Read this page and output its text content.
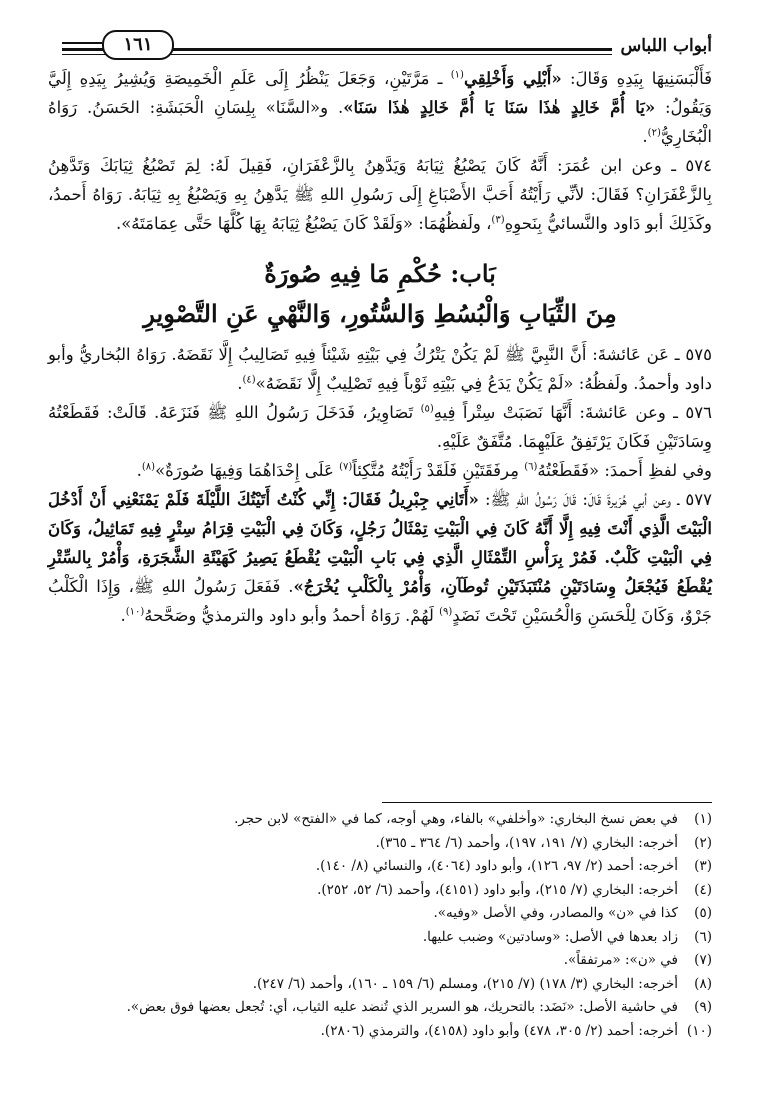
أبواب اللباس
١٦١

فَأَلْبَسَنِيهَا بِيَدِهِ وَقَالَ: «أَبْلِي وَأَخْلِقِي$^{(١)}$ ـ مَرَّتَيْنِ، وَجَعَلَ يَنْظُرُ إِلَى عَلَمِ الْخَمِيصَةِ وَيُشِيرُ بِيَدِهِ إِلَيَّ وَيَقُولُ: «يَا أُمَّ خَالِدٍ هٰذَا سَنَا يَا أُمَّ خَالِدٍ هٰذَا سَنَا». و«السَّنَا» بِلِسَانِ الْحَبَشَةِ: الحَسَنُ. رَوَاهُ الْبُخَارِيُّ$^{(٢)}$.

٥٧٤ ـ وعن ابن عُمَرَ: أَنَّهُ كَانَ يَصْبُغُ ثِيَابَهُ وَيَدَّهِنُ بِالزَّعْفَرَانِ، فَقِيلَ لَهُ: لِمَ تَصْبُغُ ثِيَابَكَ وَتَدَّهِنُ بِالزَّعْفَرَانِ؟ فَقَالَ: لأنِّي رَأَيْتُهُ أَحَبَّ الأَصْبَاغِ إِلَى رَسُولِ اللهِ ﷺ يَدَّهِنُ بِهِ وَيَصْبُغُ بِهِ ثِيَابَهُ. رَوَاهُ أَحمدُ، وكَذَلِكَ أبو دَاود والنَّسائيُّ بِنَحوِهِ$^{(٣)}$، ولَفظُهُمَا: «وَلَقَدْ كَانَ يَصْبُغُ ثِيَابَهُ بِهَا كُلَّهَا حَتَّى عِمَامَتَهُ».

بَاب: حُكْمِ مَا فِيهِ صُورَةٌ
مِنَ الثِّيَابِ وَالْبُسُطِ وَالسُّتُورِ، وَالنَّهْيِ عَنِ التَّصْوِيرِ

٥٧٥ ـ عَن عَائشةَ: أَنَّ النَّبِيَّ ﷺ لَمْ يَكُنْ يَتْرُكُ فِي بَيْتِهِ شَيْئاً فِيهِ تَصَالِيبُ إِلَّا نَقَضَهُ. رَوَاهُ البُخاريُّ وأبو داود وأحمدُ. ولَفظُهُ: «لَمْ يَكُنْ يَدَعُ فِي بَيْتِهِ ثَوْباً فِيهِ تَصْلِيبٌ إِلَّا نَقَضَهُ»$^{(٤)}$.

٥٧٦ ـ وعن عَائشةَ: أَنَّهَا نَصَبَتْ سِتْراً فِيهِ$^{(٥)}$ تَصَاوِيرُ، فَدَخَلَ رَسُولُ اللهِ ﷺ فَنَزَعَهُ. قَالَتْ: فَقَطَعْتُهُ وِسَادَتَيْنِ فَكَانَ يَرْتَفِقُ عَلَيْهِمَا. مُتَّفَقٌ عَلَيْهِ.

وفي لفظِ أَحمدَ: «فَقَطَعْتُهُ$^{(٦)}$ مِرفَقَتَيْنِ فَلَقَدْ رَأَيْتُهُ مُتَّكِئاً$^{(٧)}$ عَلَى إِحْدَاهُمَا وَفِيهَا صُورَةٌ»$^{(٨)}$.

٥٧٧ ـ وعن أبي هُرَيرةَ قَالَ: قَالَ رَسُولُ اللهِ ﷺ: «أَتَانِي جِبْرِيلُ فَقَالَ: إِنِّي كُنْتُ أَتَيْتُكَ اللَّيْلَةَ فَلَمْ يَمْنَعْنِي أَنْ أَدْخُلَ الْبَيْتَ الَّذِي أَنْتَ فِيهِ إِلَّا أَنَّهُ كَانَ فِي الْبَيْتِ تِمْثَالُ رَجُلٍ، وَكَانَ فِي الْبَيْتِ قِرَامُ سِتْرٍ فِيهِ تَمَاثِيلُ، وَكَانَ فِي الْبَيْتِ كَلْبٌ. فَمُرْ بِرَأْسِ التِّمْثَالِ الَّذِي فِي بَابِ الْبَيْتِ يُقْطَعُ يَصِيرُ كَهَيْئَةِ الشَّجَرَةِ، وَأْمُرْ بِالسِّتْرِ يُقْطَعُ فَيُجْعَلُ وِسَادَتَيْنِ مُنْتَبَذَتَيْنِ تُوطَآنِ، وَأْمُرْ بِالْكَلْبِ يُخْرَجُ». فَفَعَلَ رَسُولُ اللهِ ﷺ، وَإِذَا الْكَلْبُ جَرْوٌ، وَكَانَ لِلْحَسَنِ وَالْحُسَيْنِ تَحْتَ نَضَدٍ$^{(٩)}$ لَهُمْ. رَوَاهُ أحمدُ وأبو داود والترمذيُّ وصَحَّحهُ$^{(١٠)}$.

(١)
في بعض نسخ البخاري: «وأخلفي» بالفاء، وهي أوجه، كما في «الفتح» لابن حجر.

(٢)
أخرجه: البخاري (٧/ ١٩١، ١٩٧)، وأحمد (٦/ ٣٦٤ ـ ٣٦٥).

(٣)
أخرجه: أحمد (٢/ ٩٧، ١٢٦)، وأبو داود (٤٠٦٤)، والنسائي (٨/ ١٤٠).

(٤)
أخرجه: البخاري (٧/ ٢١٥)، وأبو داود (٤١٥١)، وأحمد (٦/ ٥٢، ٢٥٢).

(٥)
كذا في «ن» والمصادر، وفي الأصل «وفيه».

(٦)
زاد بعدها في الأصل: «وسادتين» وضبب عليها.

(٧)
في «ن»: «مرتفقاً».

(٨)
أخرجه: البخاري (٣/ ١٧٨) (٧/ ٢١٥)، ومسلم (٦/ ١٥٩ ـ ١٦٠)، وأحمد (٦/ ٢٤٧).

(٩)
في حاشية الأصل: «نَضَد: بالتحريك، هو السرير الذي تُنضد عليه الثياب، أي: تُجعل بعضها فوق بعض».

(١٠)
أخرجه: أحمد (٢/ ٣٠٥، ٤٧٨) وأبو داود (٤١٥٨)، والترمذي (٢٨٠٦).
